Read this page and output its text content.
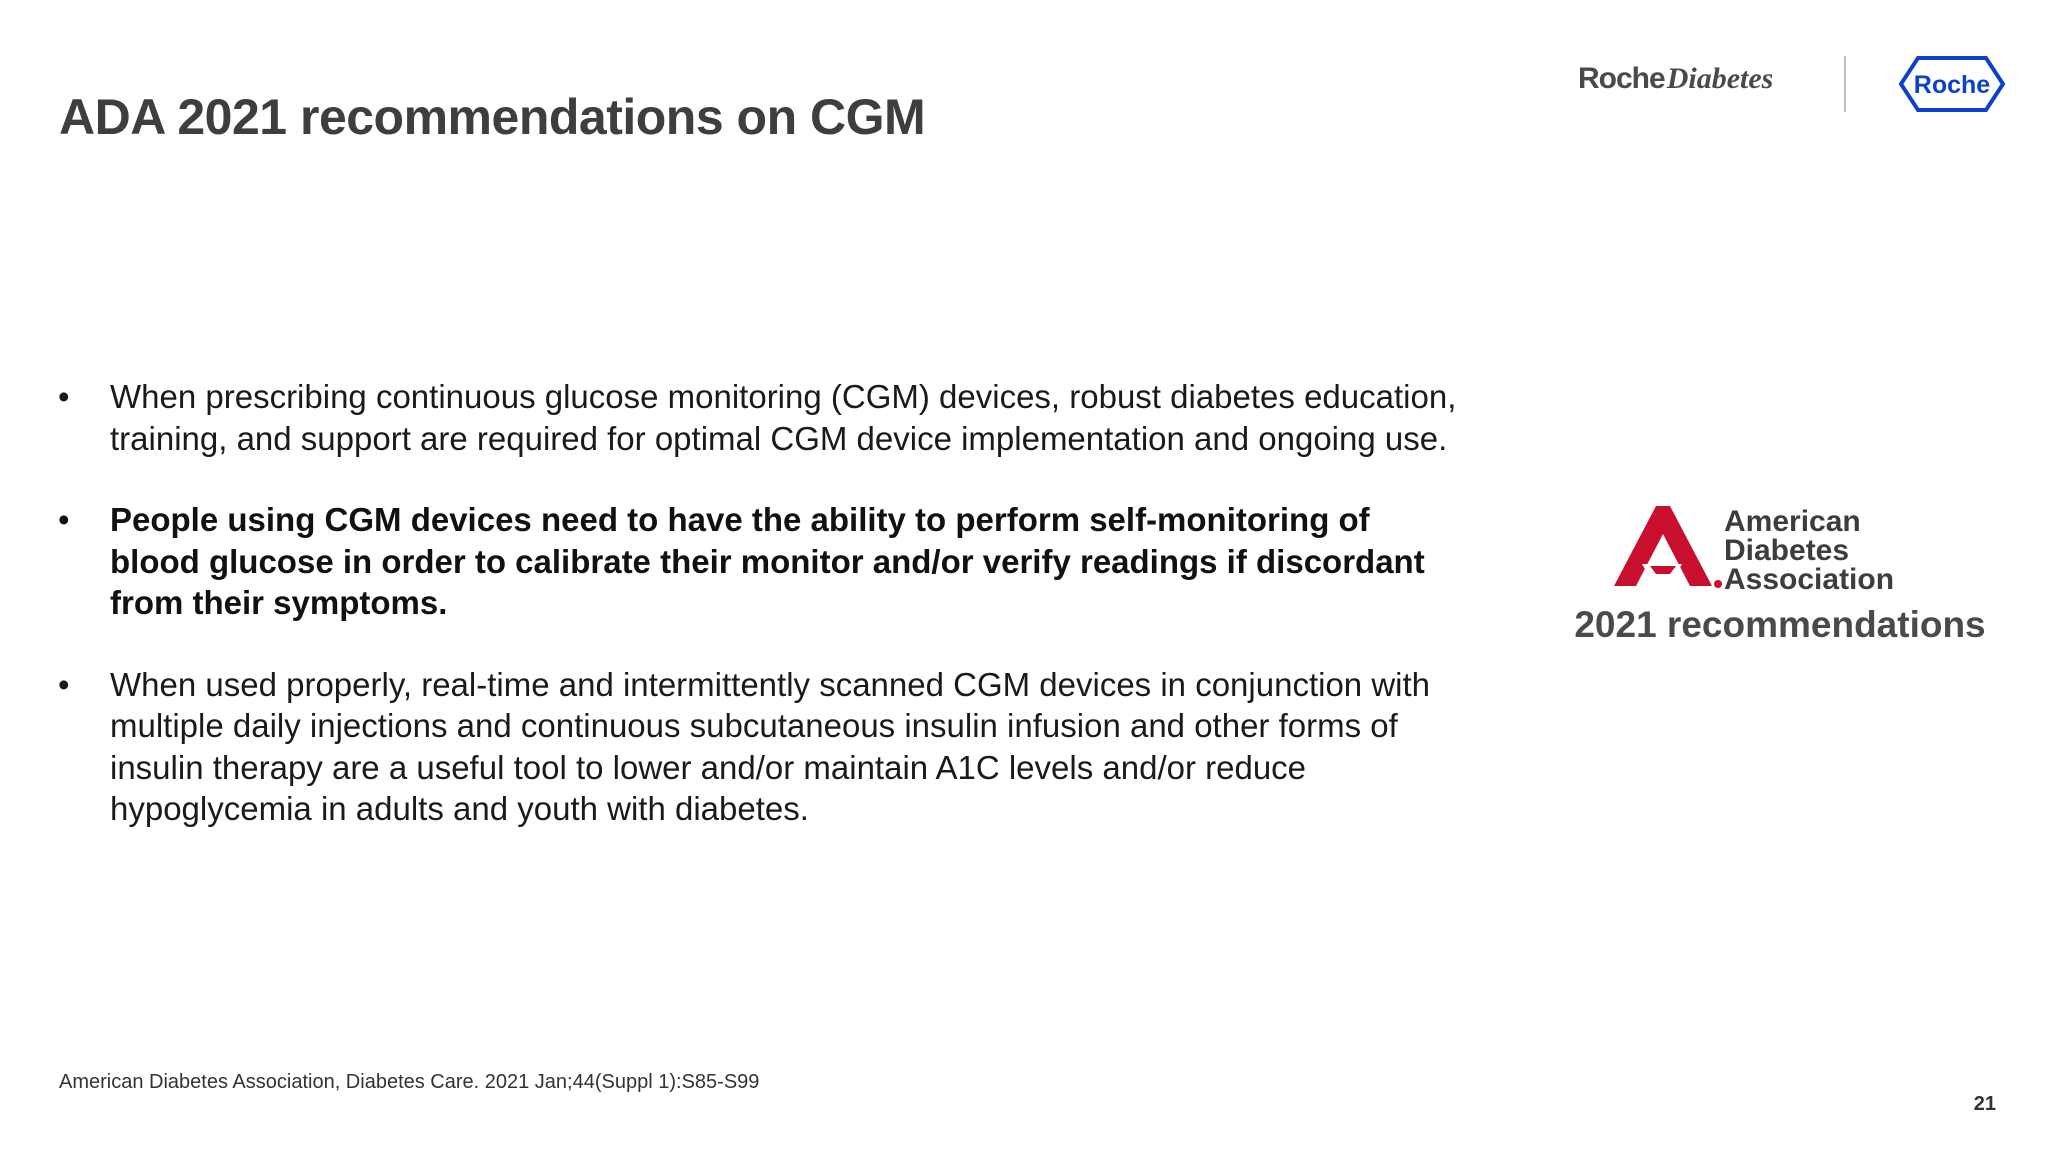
ADA 2021 recommendations on CGM
RocheDiabetes	Roche
• When prescribing continuous glucose monitoring (CGM) devices, robust diabetes education, training, and support are required for optimal CGM device implementation and ongoing use.
• People using CGM devices need to have the ability to perform self-monitoring of blood glucose in order to calibrate their monitor and/or verify readings if discordant from their symptoms.
• When used properly, real-time and intermittently scanned CGM devices in conjunction with multiple daily injections and continuous subcutaneous insulin infusion and other forms of insulin therapy are a useful tool to lower and/or maintain A1C levels and/or reduce hypoglycemia in adults and youth with diabetes.
American
Diabetes
Association
2021 recommendations
American Diabetes Association, Diabetes Care. 2021 Jan;44(Suppl 1):S85-S99
21
